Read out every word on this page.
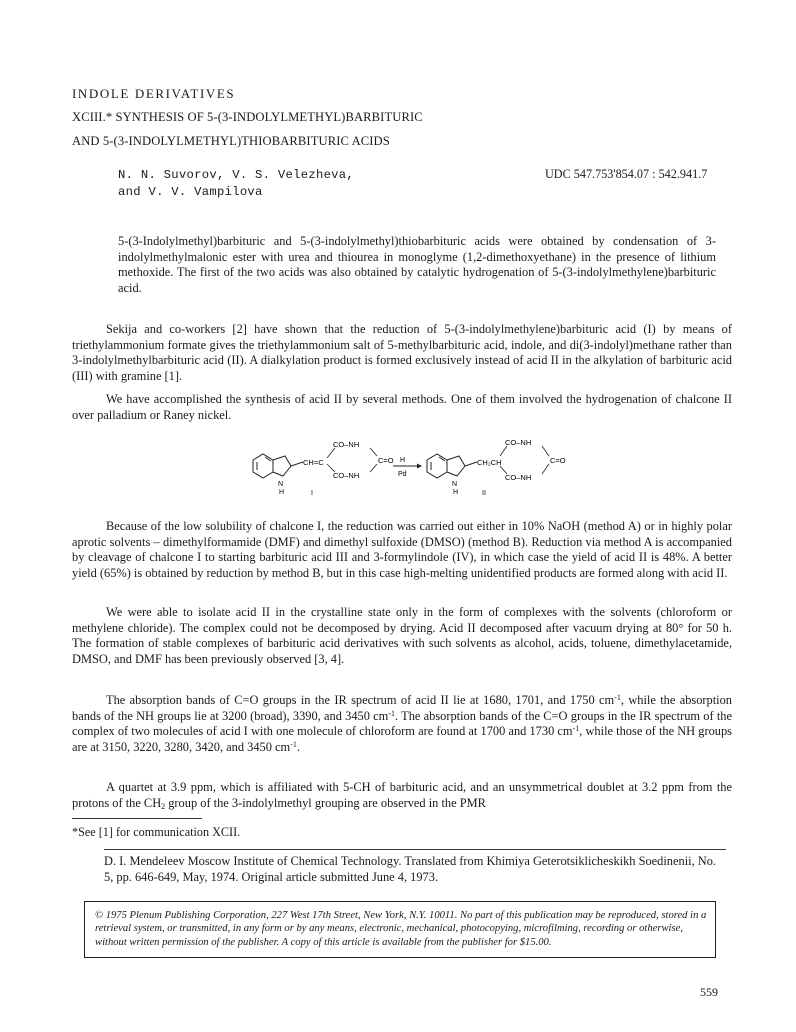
INDOLE DERIVATIVES
XCIII.* SYNTHESIS OF 5-(3-INDOLYLMETHYL)BARBITURIC
AND 5-(3-INDOLYLMETHYL)THIOBARBITURIC ACIDS
N. N. Suvorov, V. S. Velezheva,
and V. V. Vampilova
UDC 547.753'854.07 : 542.941.7
5-(3-Indolylmethyl)barbituric and 5-(3-indolylmethyl)thiobarbituric acids were obtained by condensation of 3-indolylmethylmalonic ester with urea and thiourea in monoglyme (1,2-dimethoxyethane) in the presence of lithium methoxide. The first of the two acids was also obtained by catalytic hydrogenation of 5-(3-indolylmethylene)barbituric acid.

Sekija and co-workers [2] have shown that the reduction of 5-(3-indolylmethylene)barbituric acid (I) by means of triethylammonium formate gives the triethylammonium salt of 5-methylbarbituric acid, indole, and di(3-indolyl)methane rather than 3-indolylmethylbarbituric acid (II). A dialkylation product is formed exclusively instead of acid II in the alkylation of barbituric acid (III) with gramine [1].

We have accomplished the synthesis of acid II by several methods. One of them involved the hydrogenation of chalcone II over palladium or Raney nickel.

N
H
CH=C
CO–NH
CO–NH
C=O H
Pd
N
H
CH₂CH
CO–NH
CO–NH
C=O
I	II

Because of the low solubility of chalcone I, the reduction was carried out either in 10% NaOH (method A) or in highly polar aprotic solvents – dimethylformamide (DMF) and dimethyl sulfoxide (DMSO) (method B). Reduction via method A is accompanied by cleavage of chalcone I to starting barbituric acid III and 3-formylindole (IV), in which case the yield of acid II is 48%. A better yield (65%) is obtained by reduction by method B, but in this case high-melting unidentified products are formed along with acid II.

We were able to isolate acid II in the crystalline state only in the form of complexes with the solvents (chloroform or methylene chloride). The complex could not be decomposed by drying. Acid II decomposed after vacuum drying at 80° for 50 h. The formation of stable complexes of barbituric acid derivatives with such solvents as alcohol, acids, toluene, dimethylacetamide, DMSO, and DMF has been previously observed [3, 4].

The absorption bands of C=O groups in the IR spectrum of acid II lie at 1680, 1701, and 1750 $cm^{-1}$, while the absorption bands of the NH groups lie at 3200 (broad), 3390, and 3450 $cm^{-1}$. The absorption bands of the C=O groups in the IR spectrum of the complex of two molecules of acid I with one molecule of chloroform are found at 1700 and 1730 $cm^{-1}$, while those of the NH groups are at 3150, 3220, 3280, 3420, and 3450 $cm^{-1}$.

A quartet at 3.9 ppm, which is affiliated with 5-CH of barbituric acid, and an unsymmetrical doublet at 3.2 ppm from the protons of the $CH_2$ group of the 3-indolylmethyl grouping are observed in the PMR

*See [1] for communication XCII.
D. I. Mendeleev Moscow Institute of Chemical Technology. Translated from Khimiya Geterotsiklicheskikh Soedinenii, No. 5, pp. 646-649, May, 1974. Original article submitted June 4, 1973.
© 1975 Plenum Publishing Corporation, 227 West 17th Street, New York, N.Y. 10011. No part of this publication may be reproduced, stored in a retrieval system, or transmitted, in any form or by any means, electronic, mechanical, photocopying, microfilming, recording or otherwise, without written permission of the publisher. A copy of this article is available from the publisher for $15.00.
559
